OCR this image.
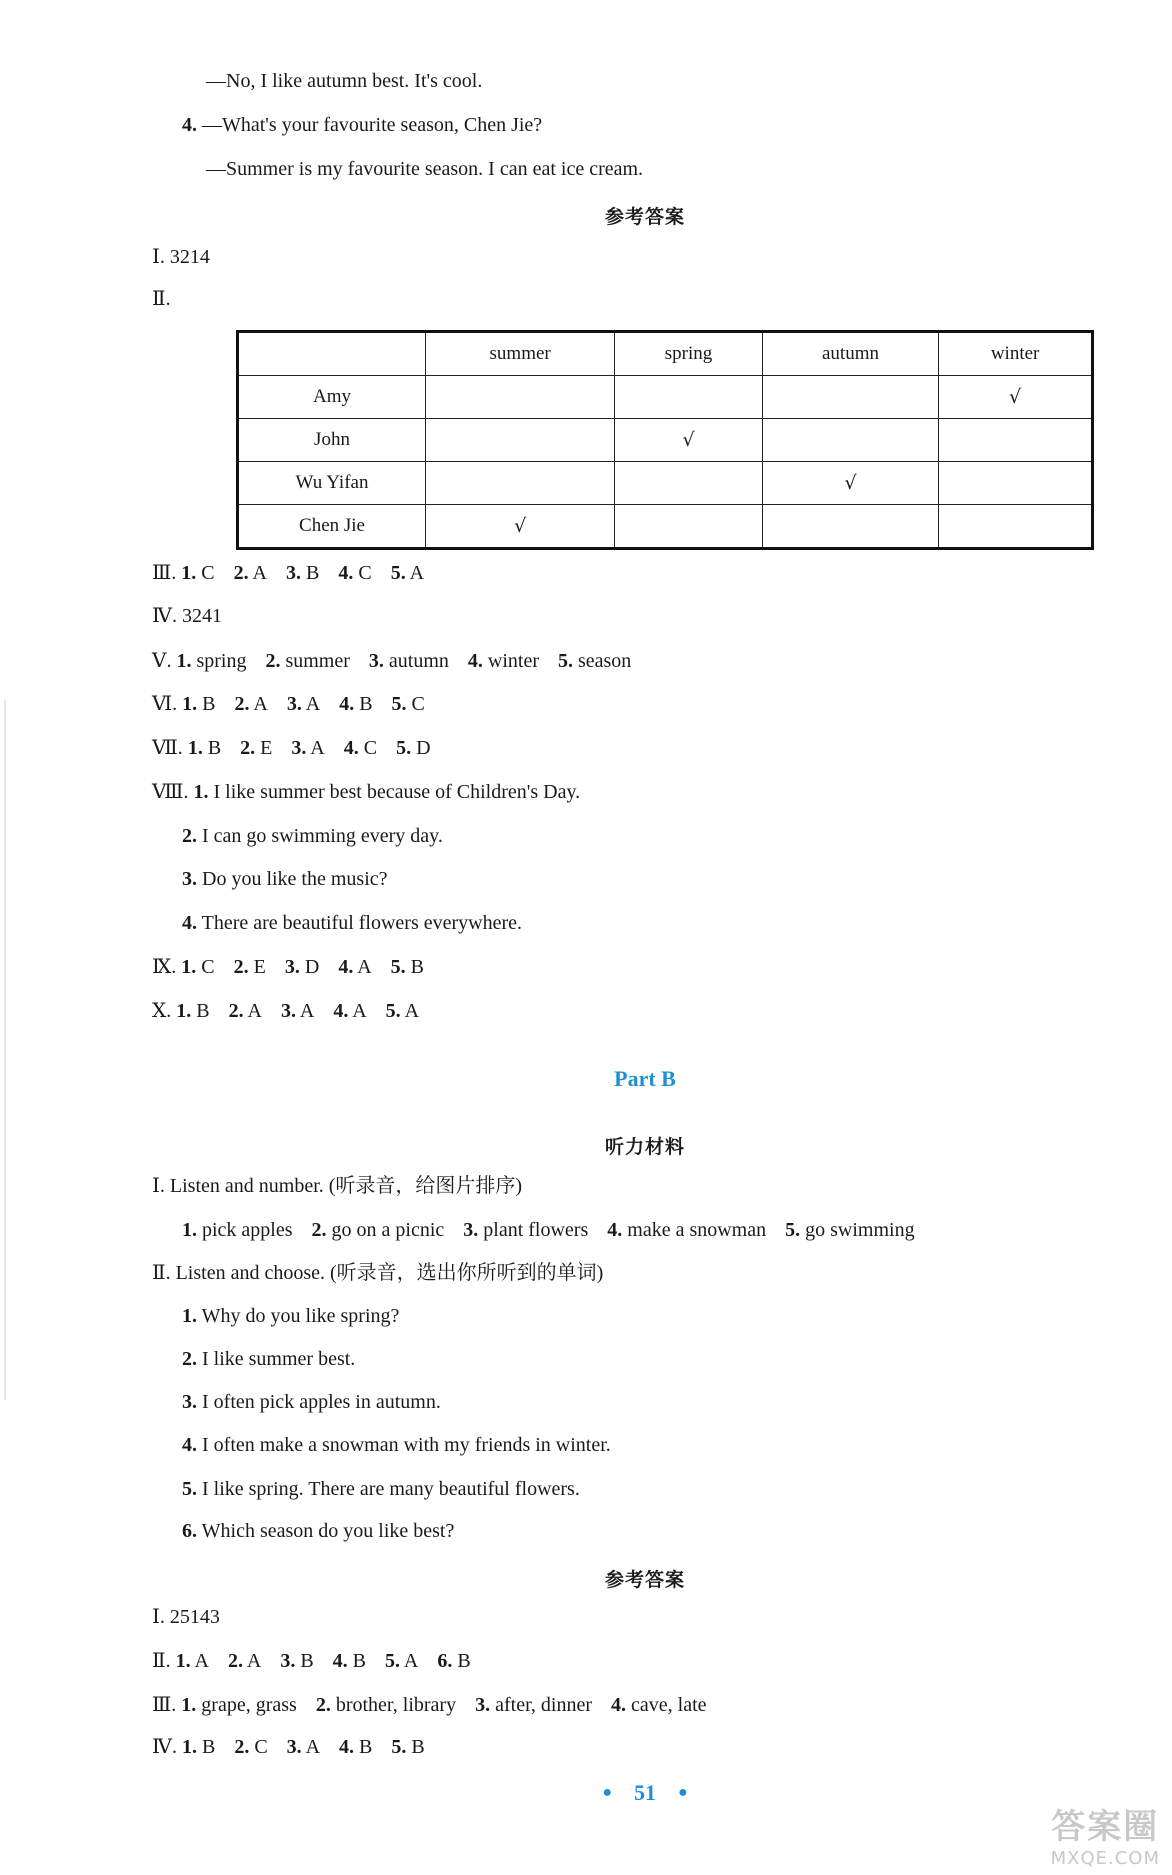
—No, I like autumn best. It's cool.
4. —What's your favourite season, Chen Jie?
—Summer is my favourite season. I can eat ice cream.
参考答案
Ⅰ. 3214
Ⅱ.
	summer	spring	autumn	winter
Amy				√
John		√		
Wu Yifan			√	
Chen Jie	√			
Ⅲ. 1. C 2. A 3. B 4. C 5. A
Ⅳ. 3241
Ⅴ. 1. spring 2. summer 3. autumn 4. winter 5. season
Ⅵ. 1. B 2. A 3. A 4. B 5. C
Ⅶ. 1. B 2. E 3. A 4. C 5. D
Ⅷ. 1. I like summer best because of Children's Day.
2. I can go swimming every day.
3. Do you like the music?
4. There are beautiful flowers everywhere.
Ⅸ. 1. C 2. E 3. D 4. A 5. B
Ⅹ. 1. B 2. A 3. A 4. A 5. A
Part B
听力材料
Ⅰ. Listen and number. (听录音，给图片排序)
1. pick apples 2. go on a picnic 3. plant flowers 4. make a snowman 5. go swimming
Ⅱ. Listen and choose. (听录音，选出你所听到的单词)
1. Why do you like spring?
2. I like summer best.
3. I often pick apples in autumn.
4. I often make a snowman with my friends in winter.
5. I like spring. There are many beautiful flowers.
6. Which season do you like best?
参考答案
Ⅰ. 25143
Ⅱ. 1. A 2. A 3. B 4. B 5. A 6. B
Ⅲ. 1. grape, grass 2. brother, library 3. after, dinner 4. cave, late
Ⅳ. 1. B 2. C 3. A 4. B 5. B
● 51 ●
答案圈
MXQE.COM
